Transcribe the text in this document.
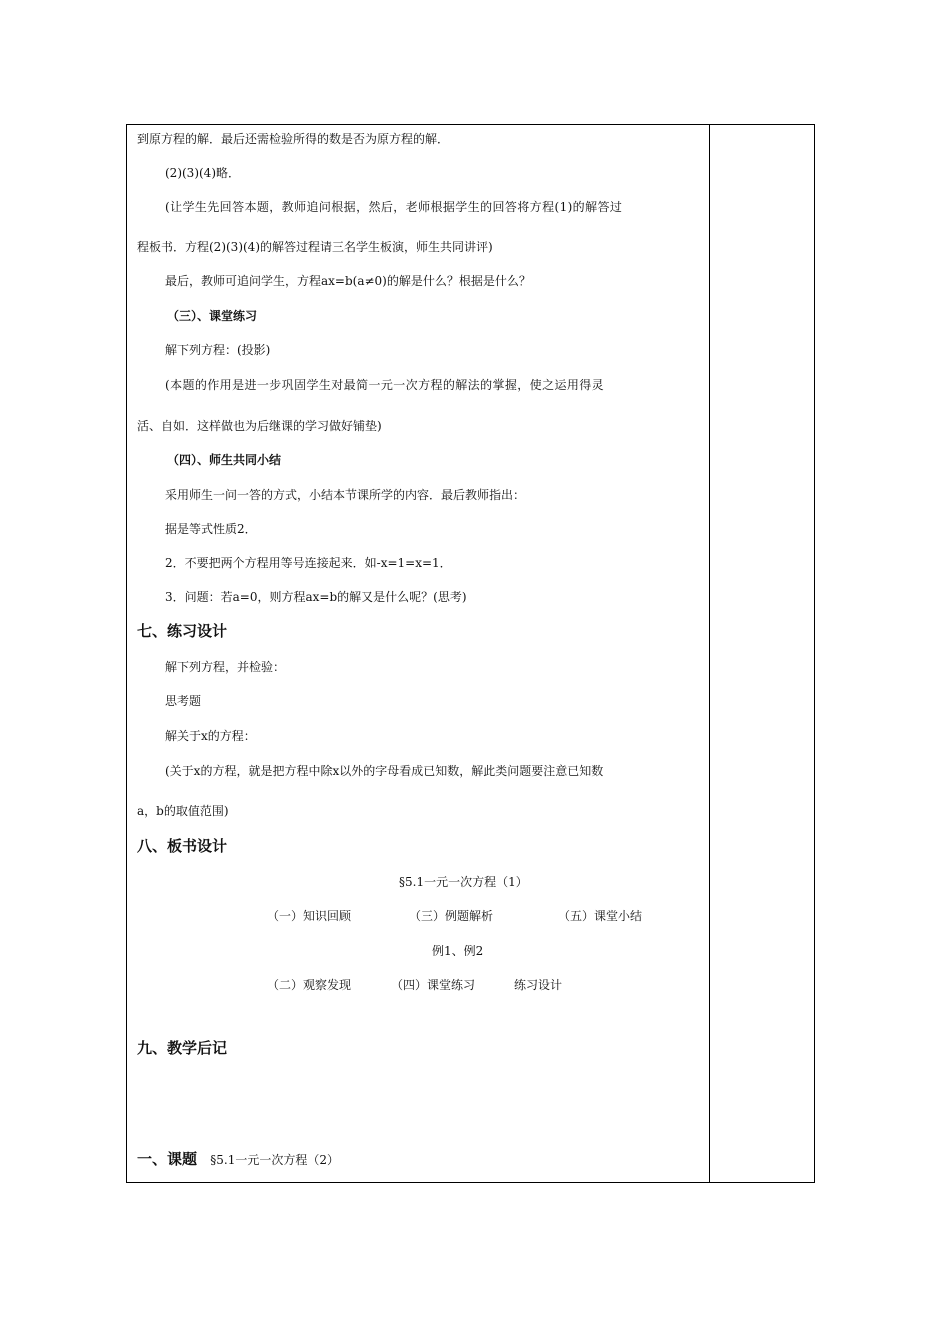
到原方程的解．最后还需检验所得的数是否为原方程的解．
(2)(3)(4)略．
(让学生先回答本题，教师追问根据，然后，老师根据学生的回答将方程(1)的解答过
程板书．方程(2)(3)(4)的解答过程请三名学生板演，师生共同讲评)
最后，教师可追问学生，方程ax=b(a≠0)的解是什么？根据是什么？
（三）、课堂练习
解下列方程：(投影)
(本题的作用是进一步巩固学生对最简一元一次方程的解法的掌握，使之运用得灵
活、自如．这样做也为后继课的学习做好铺垫)
（四）、师生共同小结
采用师生一问一答的方式，小结本节课所学的内容．最后教师指出：
据是等式性质2．
2．不要把两个方程用等号连接起来．如-x=1=x=1．
3．问题：若a=0，则方程ax=b的解又是什么呢？(思考)
七、练习设计
解下列方程，并检验：
思考题
解关于x的方程：
(关于x的方程，就是把方程中除x以外的字母看成已知数，解此类问题要注意已知数
a，b的取值范围)
八、板书设计
§5.1一元一次方程（1）
（一）知识回顾	（三）例题解析	（五）课堂小结
例1、例2
（二）观察发现	（四）课堂练习	练习设计
九、教学后记
一、课题 §5.1一元一次方程（2）
